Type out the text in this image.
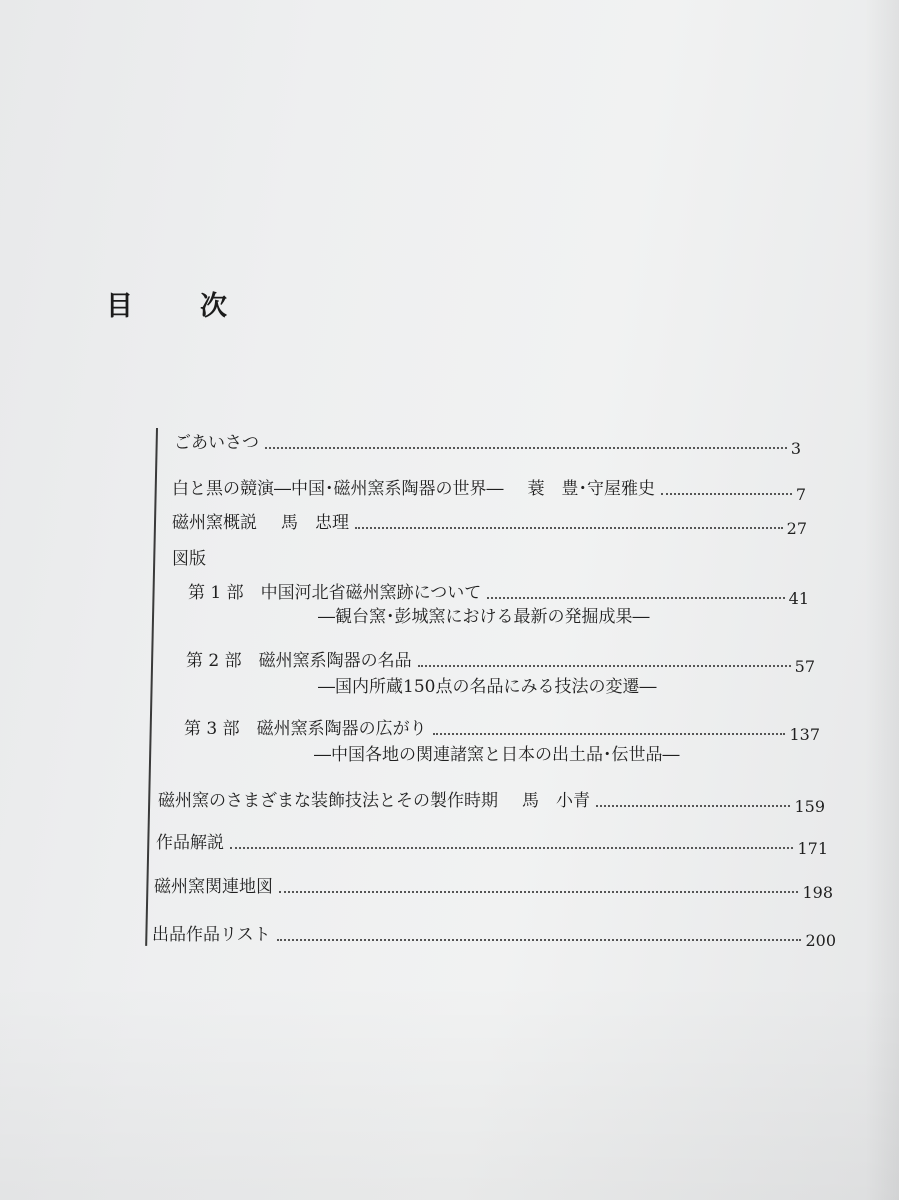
目　次
ごあいさつ	3
白と黒の競演―中国･磁州窯系陶器の世界― 蓑　豊･守屋雅史	7
磁州窯概説 馬　忠理	27
図版
第 1 部　中国河北省磁州窯跡について	41
―観台窯･彭城窯における最新の発掘成果―
第 2 部　磁州窯系陶器の名品	57
―国内所蔵150点の名品にみる技法の変遷―
第 3 部　磁州窯系陶器の広がり	137
―中国各地の関連諸窯と日本の出土品･伝世品―
磁州窯のさまざまな装飾技法とその製作時期 馬　小青	159
作品解説	171
磁州窯関連地図	198
出品作品リスト	200
